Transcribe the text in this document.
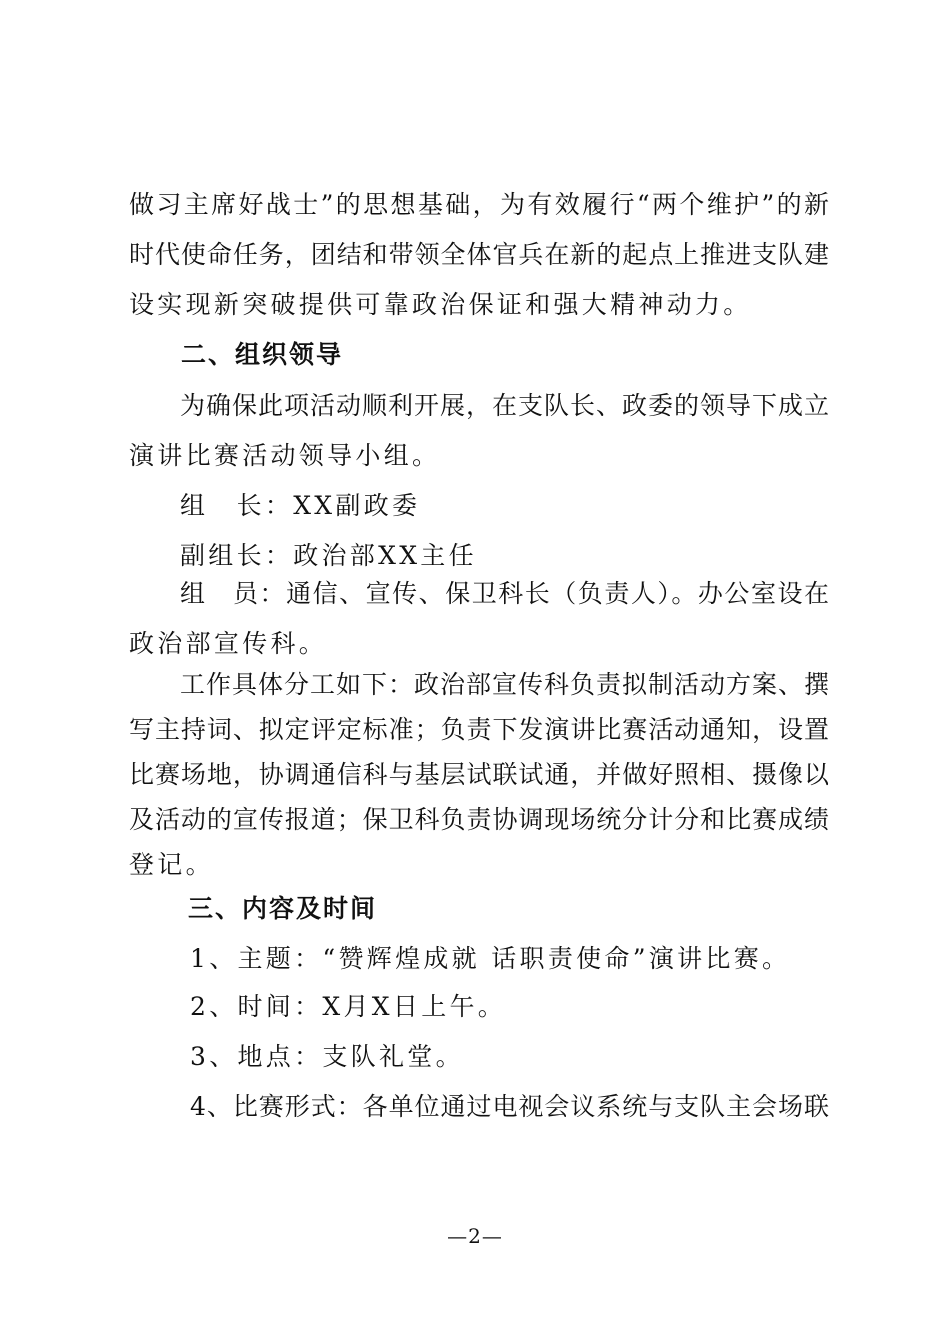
做习主席好战士”的思想基础，为有效履行“两个维护”的新
时代使命任务，团结和带领全体官兵在新的起点上推进支队建
设实现新突破提供可靠政治保证和强大精神动力。
二、组织领导
为确保此项活动顺利开展，在支队长、政委的领导下成立
演讲比赛活动领导小组。
组　长：XX副政委
副组长：政治部XX主任
组　员：通信、宣传、保卫科长（负责人）。办公室设在
政治部宣传科。
工作具体分工如下：政治部宣传科负责拟制活动方案、撰
写主持词、拟定评定标准；负责下发演讲比赛活动通知，设置
比赛场地，协调通信科与基层试联试通，并做好照相、摄像以
及活动的宣传报道；保卫科负责协调现场统分计分和比赛成绩
登记。
三、内容及时间
1、主题：“赞辉煌成就 话职责使命”演讲比赛。
2、时间：X月X日上午。
3、地点：支队礼堂。
4、比赛形式：各单位通过电视会议系统与支队主会场联
—2—
